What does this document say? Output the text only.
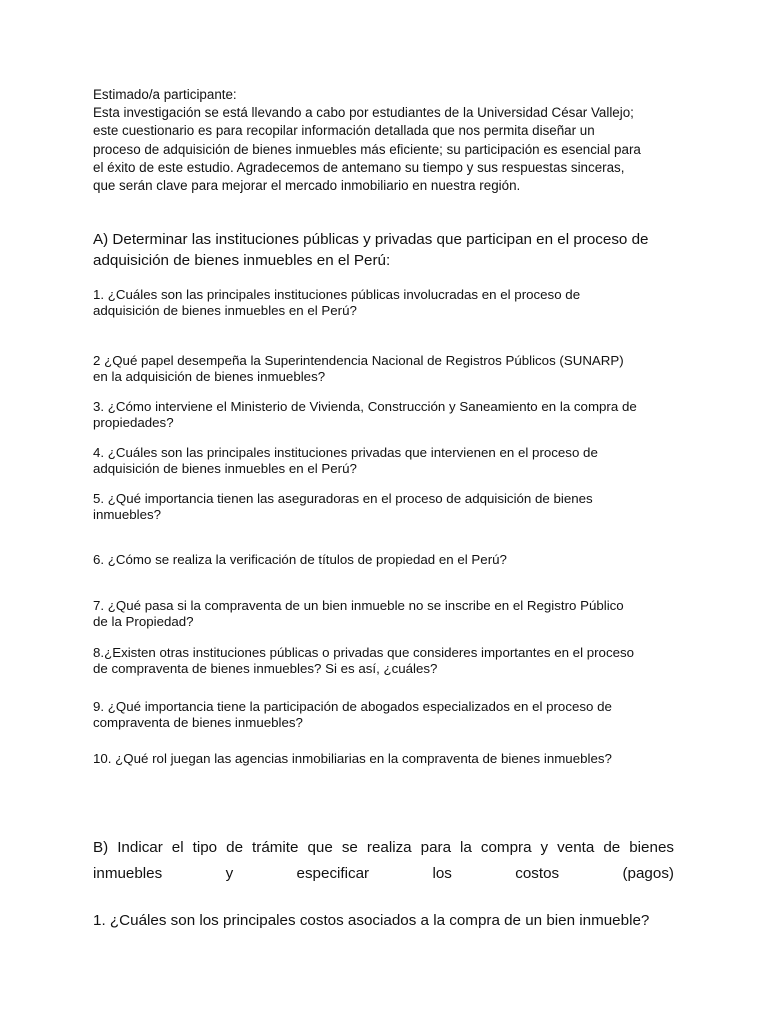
Estimado/a participante:

Esta investigación se está llevando a cabo por estudiantes de la Universidad César Vallejo;

este cuestionario es para recopilar información detallada que nos permita diseñar un

proceso de adquisición de bienes inmuebles más eficiente; su participación es esencial para

el éxito de este estudio. Agradecemos de antemano su tiempo y sus respuestas sinceras,

que serán clave para mejorar el mercado inmobiliario en nuestra región.

A) Determinar las instituciones públicas y privadas que participan en el proceso de
adquisición de bienes inmuebles en el Perú:

1. ¿Cuáles son las principales instituciones públicas involucradas en el proceso de
adquisición de bienes inmuebles en el Perú?

2 ¿Qué papel desempeña la Superintendencia Nacional de Registros Públicos (SUNARP)
en la adquisición de bienes inmuebles?

3. ¿Cómo interviene el Ministerio de Vivienda, Construcción y Saneamiento en la compra de
propiedades?

4. ¿Cuáles son las principales instituciones privadas que intervienen en el proceso de
adquisición de bienes inmuebles en el Perú?

5. ¿Qué importancia tienen las aseguradoras en el proceso de adquisición de bienes
inmuebles?

6. ¿Cómo se realiza la verificación de títulos de propiedad en el Perú?

7. ¿Qué pasa si la compraventa de un bien inmueble no se inscribe en el Registro Público
de la Propiedad?

8.¿Existen otras instituciones públicas o privadas que consideres importantes en el proceso
de compraventa de bienes inmuebles? Si es así, ¿cuáles?

9. ¿Qué importancia tiene la participación de abogados especializados en el proceso de
compraventa de bienes inmuebles?

10. ¿Qué rol juegan las agencias inmobiliarias en la compraventa de bienes inmuebles?

B) Indicar el tipo de trámite que se realiza para la compra y venta de bienes
inmuebles	y	especificar	los	costos	(pagos)

1. ¿Cuáles son los principales costos asociados a la compra de un bien inmueble?
